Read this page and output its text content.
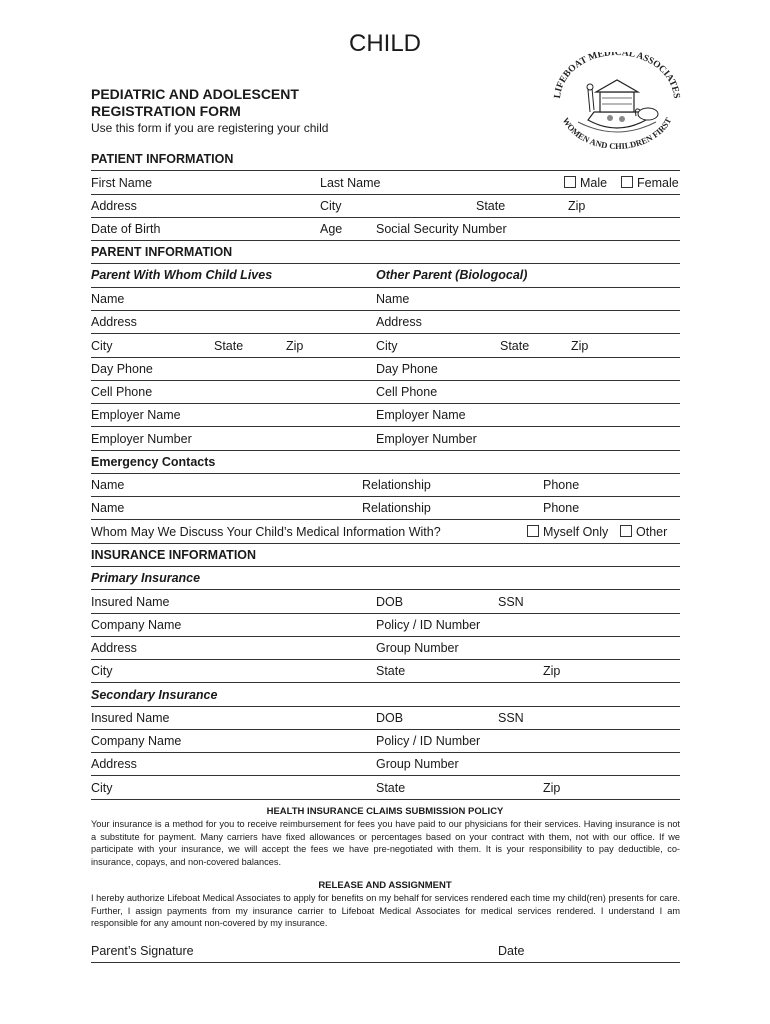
CHILD
PEDIATRIC AND ADOLESCENT
REGISTRATION FORM
Use this form if you are registering your child
LIFEBOAT MEDICAL ASSOCIATES
WOMEN AND CHILDREN FIRST
PATIENT INFORMATION
First Name	Last Name	Male	Female
Address	City	State	Zip
Date of Birth	Age	Social Security Number
PARENT INFORMATION
Parent With Whom Child Lives	Other Parent (Biologocal)
Name	Name
Address	Address
City	State	Zip	City	State	Zip
Day Phone	Day Phone
Cell Phone	Cell Phone
Employer Name	Employer Name
Employer Number	Employer Number
Emergency Contacts
Name	Relationship	Phone
Name	Relationship	Phone
Whom May We Discuss Your Child’s Medical Information With?	Myself Only	Other
INSURANCE INFORMATION
Primary Insurance
Insured Name	DOB	SSN
Company Name	Policy / ID Number
Address	Group Number
City	State	Zip
Secondary Insurance
Insured Name	DOB	SSN
Company Name	Policy / ID Number
Address	Group Number
City	State	Zip
HEALTH INSURANCE CLAIMS SUBMISSION POLICY
Your insurance is a method for you to receive reimbursement for fees you have paid to our physicians for their services. Having insurance is not a substitute for payment. Many carriers have fixed allowances or percentages based on your contract with them, not with our office. If we participate with your insurance, we will accept the fees we have pre-negotiated with them. It is your responsibility to pay deductible, co-insurance, copays, and non-covered balances.
RELEASE AND ASSIGNMENT
I hereby authorize Lifeboat Medical Associates to apply for benefits on my behalf for services rendered each time my child(ren) presents for care. Further, I assign payments from my insurance carrier to Lifeboat Medical Associates for medical services rendered. I understand I am responsible for any amount non-covered by my insurance.
Parent’s Signature	Date
